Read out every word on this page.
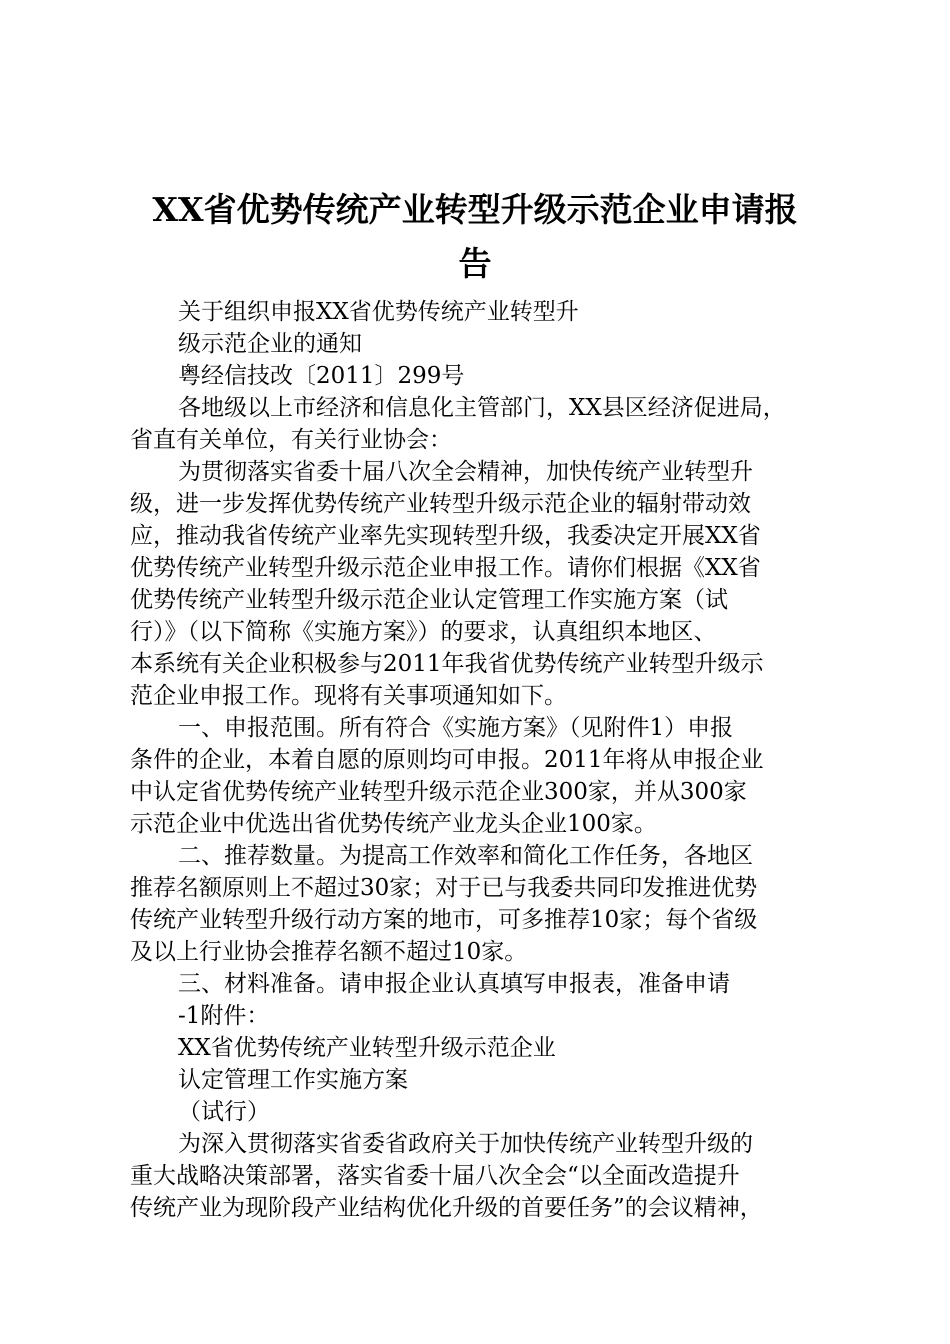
XX省优势传统产业转型升级示范企业申请报
告
关于组织申报XX省优势传统产业转型升
级示范企业的通知
粤经信技改〔2011〕299号
各地级以上市经济和信息化主管部门，XX县区经济促进局，
省直有关单位，有关行业协会：
为贯彻落实省委十届八次全会精神，加快传统产业转型升
级，进一步发挥优势传统产业转型升级示范企业的辐射带动效
应，推动我省传统产业率先实现转型升级，我委决定开展XX省
优势传统产业转型升级示范企业申报工作。请你们根据《XX省
优势传统产业转型升级示范企业认定管理工作实施方案（试
行）》（以下简称《实施方案》）的要求，认真组织本地区、
本系统有关企业积极参与2011年我省优势传统产业转型升级示
范企业申报工作。现将有关事项通知如下。
一、申报范围。所有符合《实施方案》（见附件1）申报
条件的企业，本着自愿的原则均可申报。2011年将从申报企业
中认定省优势传统产业转型升级示范企业300家，并从300家
示范企业中优选出省优势传统产业龙头企业100家。
二、推荐数量。为提高工作效率和简化工作任务，各地区
推荐名额原则上不超过30家；对于已与我委共同印发推进优势
传统产业转型升级行动方案的地市，可多推荐10家；每个省级
及以上行业协会推荐名额不超过10家。
三、材料准备。请申报企业认真填写申报表，准备申请
-1附件：
XX省优势传统产业转型升级示范企业
认定管理工作实施方案
（试行）
为深入贯彻落实省委省政府关于加快传统产业转型升级的
重大战略决策部署，落实省委十届八次全会“以全面改造提升
传统产业为现阶段产业结构优化升级的首要任务”的会议精神，
